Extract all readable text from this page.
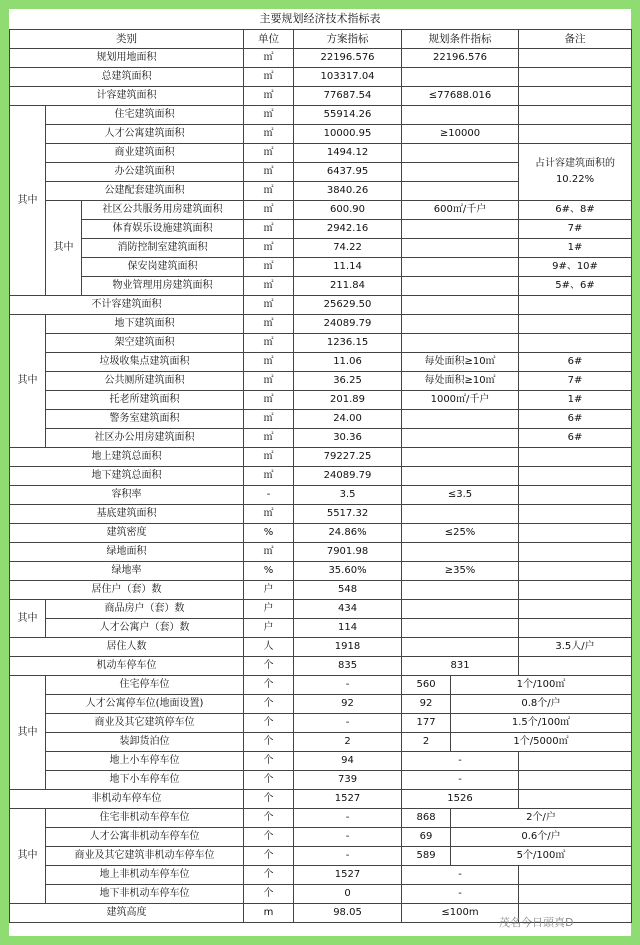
主要规划经济技术指标表
类别			单位	方案指标	规划条件指标		备注
规划用地面积			㎡	22196.576	22196.576		
总建筑面积			㎡	103317.04			
计容建筑面积			㎡	77687.54	≤77688.016		
其中	住宅建筑面积		㎡	55914.26			
	人才公寓建筑面积		㎡	10000.95	≥10000		
	商业建筑面积		㎡	1494.12			占计容建筑面积的10.22%
	办公建筑面积		㎡	6437.95			
	公建配套建筑面积		㎡	3840.26			
	其中	社区公共服务用房建筑面积	㎡	600.90	600㎡/千户		6#、8#
		体育娱乐设施建筑面积	㎡	2942.16			7#
		消防控制室建筑面积	㎡	74.22			1#
		保安岗建筑面积	㎡	11.14			9#、10#
		物业管理用房建筑面积	㎡	211.84			5#、6#
不计容建筑面积			㎡	25629.50			
其中	地下建筑面积		㎡	24089.79			
	架空建筑面积		㎡	1236.15			
	垃圾收集点建筑面积		㎡	11.06	每处面积≥10㎡		6#
	公共厕所建筑面积		㎡	36.25	每处面积≥10㎡		7#
	托老所建筑面积		㎡	201.89	1000㎡/千户		1#
	警务室建筑面积		㎡	24.00			6#
	社区办公用房建筑面积		㎡	30.36			6#
地上建筑总面积			㎡	79227.25			
地下建筑总面积			㎡	24089.79			
容积率			-	3.5	≤3.5		
基底建筑面积			㎡	5517.32			
建筑密度			%	24.86%	≤25%		
绿地面积			㎡	7901.98			
绿地率			%	35.60%	≥35%		
居住户（套）数			户	548			
其中	商品房户（套）数		户	434			
	人才公寓户（套）数		户	114			
居住人数			人	1918			3.5人/户
机动车停车位			个	835	831		
其中	住宅停车位		个	-	560	1个/100㎡	
	人才公寓停车位(地面设置)		个	92	92	0.8个/户	
	商业及其它建筑停车位		个	-	177	1.5个/100㎡	
	装卸货泊位		个	2	2	1个/5000㎡	
	地上小车停车位		个	94	-		
	地下小车停车位		个	739	-		
非机动车停车位			个	1527	1526		
其中	住宅非机动车停车位		个	-	868	2个/户	
	人才公寓非机动车停车位		个	-	69	0.6个/户	
	商业及其它建筑非机动车停车位		个	-	589	5个/100㎡	
	地上非机动车停车位		个	1527	-		
	地下非机动车停车位		个	0	-		
建筑高度			m	98.05	≤100m		
茂名今日頭真D
